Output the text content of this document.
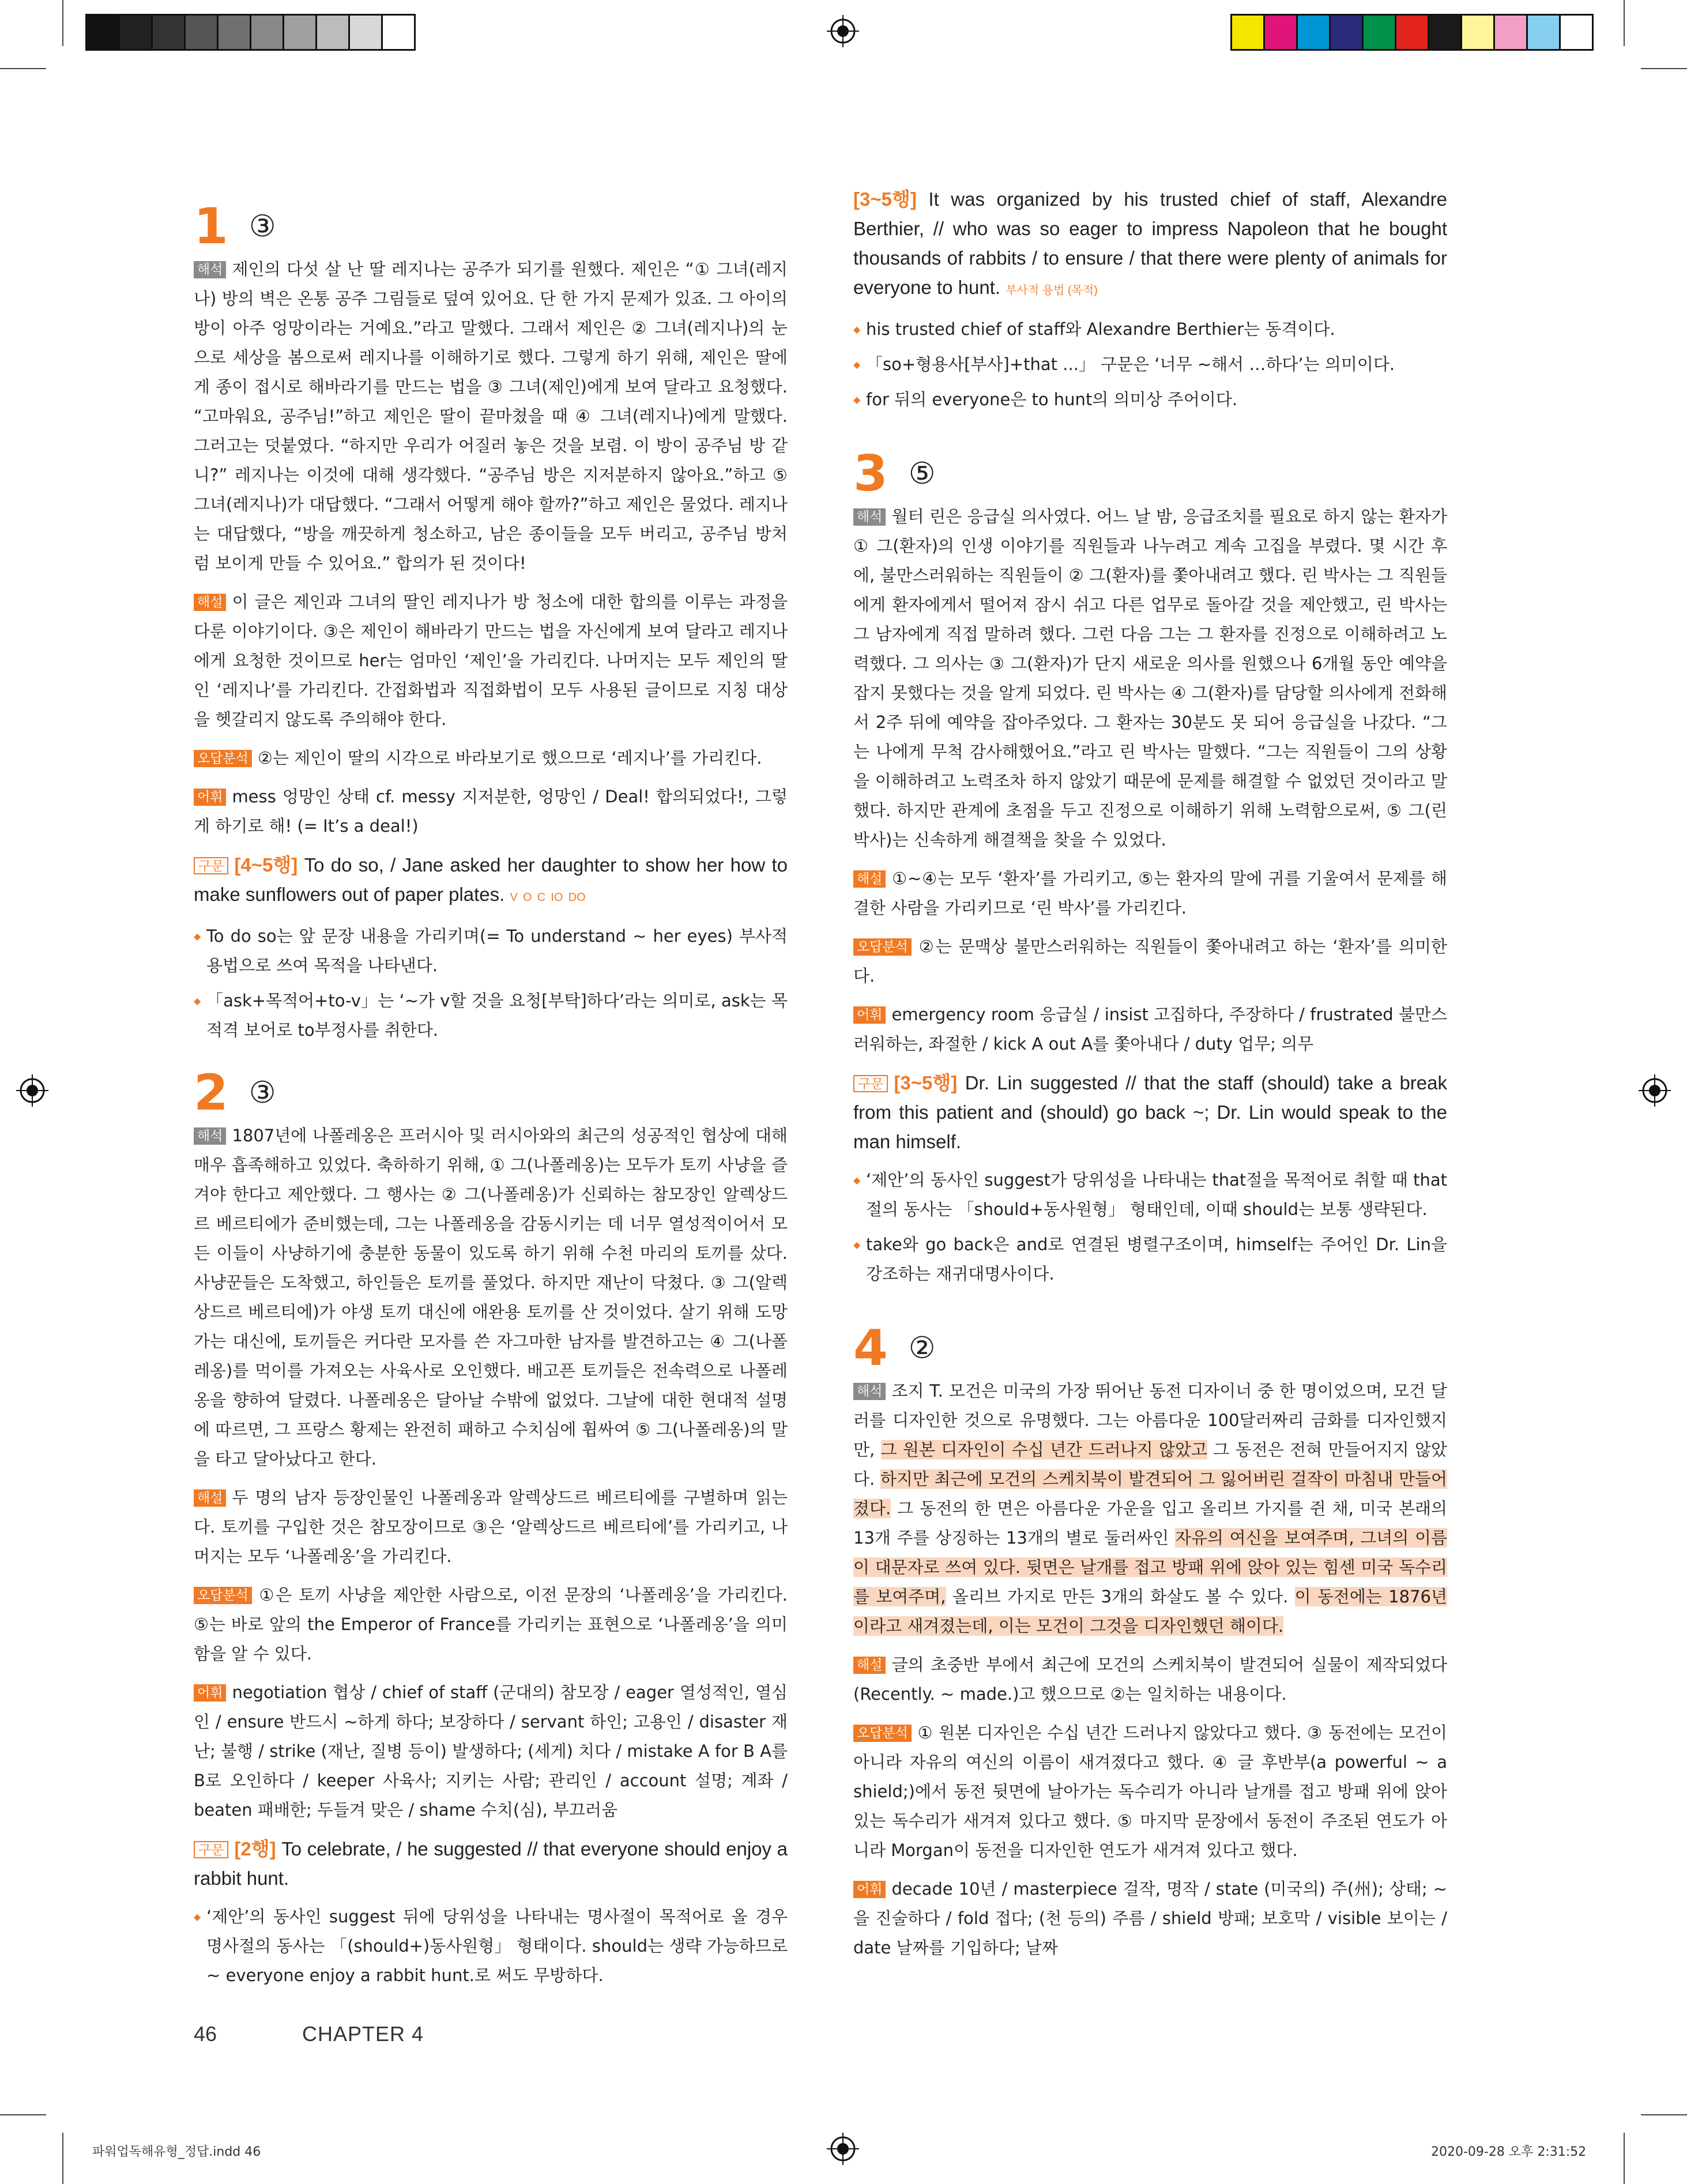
1 ③

해석 제인의 다섯 살 난 딸 레지나는 공주가 되기를 원했다. 제인은 “① 그녀(레지나) 방의 벽은 온통 공주 그림들로 덮여 있어요. 단 한 가지 문제가 있죠. 그 아이의 방이 아주 엉망이라는 거예요.”라고 말했다. 그래서 제인은 ② 그녀(레지나)의 눈으로 세상을 봄으로써 레지나를 이해하기로 했다. 그렇게 하기 위해, 제인은 딸에게 종이 접시로 해바라기를 만드는 법을 ③ 그녀(제인)에게 보여 달라고 요청했다. “고마워요, 공주님!”하고 제인은 딸이 끝마쳤을 때 ④ 그녀(레지나)에게 말했다. 그러고는 덧붙였다. “하지만 우리가 어질러 놓은 것을 보렴. 이 방이 공주님 방 같니?” 레지나는 이것에 대해 생각했다. “공주님 방은 지저분하지 않아요.”하고 ⑤ 그녀(레지나)가 대답했다. “그래서 어떻게 해야 할까?”하고 제인은 물었다. 레지나는 대답했다, “방을 깨끗하게 청소하고, 남은 종이들을 모두 버리고, 공주님 방처럼 보이게 만들 수 있어요.” 합의가 된 것이다!

해설 이 글은 제인과 그녀의 딸인 레지나가 방 청소에 대한 합의를 이루는 과정을 다룬 이야기이다. ③은 제인이 해바라기 만드는 법을 자신에게 보여 달라고 레지나에게 요청한 것이므로 her는 엄마인 ‘제인’을 가리킨다. 나머지는 모두 제인의 딸인 ‘레지나’를 가리킨다. 간접화법과 직접화법이 모두 사용된 글이므로 지칭 대상을 헷갈리지 않도록 주의해야 한다.

오답분석 ②는 제인이 딸의 시각으로 바라보기로 했으므로 ‘레지나’를 가리킨다.

어휘 mess 엉망인 상태 cf. messy 지저분한, 엉망인 / Deal! 합의되었다!, 그렇게 하기로 해! (= It’s a deal!)

구문 [4~5행] To do so, / Jane asked her daughter to show her how to make sunflowers out of paper plates. V O C IO DO

◆ To do so는 앞 문장 내용을 가리키며(= To understand ~ her eyes) 부사적 용법으로 쓰여 목적을 나타낸다.
◆ 「ask+목적어+to-v」는 ‘~가 v할 것을 요청[부탁]하다’라는 의미로, ask는 목적격 보어로 to부정사를 취한다.
2 ③

해석 1807년에 나폴레옹은 프러시아 및 러시아와의 최근의 성공적인 협상에 대해 매우 흡족해하고 있었다. 축하하기 위해, ① 그(나폴레옹)는 모두가 토끼 사냥을 즐겨야 한다고 제안했다. 그 행사는 ② 그(나폴레옹)가 신뢰하는 참모장인 알렉상드르 베르티에가 준비했는데, 그는 나폴레옹을 감동시키는 데 너무 열성적이어서 모든 이들이 사냥하기에 충분한 동물이 있도록 하기 위해 수천 마리의 토끼를 샀다. 사냥꾼들은 도착했고, 하인들은 토끼를 풀었다. 하지만 재난이 닥쳤다. ③ 그(알렉상드르 베르티에)가 야생 토끼 대신에 애완용 토끼를 산 것이었다. 살기 위해 도망가는 대신에, 토끼들은 커다란 모자를 쓴 자그마한 남자를 발견하고는 ④ 그(나폴레옹)를 먹이를 가져오는 사육사로 오인했다. 배고픈 토끼들은 전속력으로 나폴레옹을 향하여 달렸다. 나폴레옹은 달아날 수밖에 없었다. 그날에 대한 현대적 설명에 따르면, 그 프랑스 황제는 완전히 패하고 수치심에 휩싸여 ⑤ 그(나폴레옹)의 말을 타고 달아났다고 한다.

해설 두 명의 남자 등장인물인 나폴레옹과 알렉상드르 베르티에를 구별하며 읽는다. 토끼를 구입한 것은 참모장이므로 ③은 ‘알렉상드르 베르티에’를 가리키고, 나머지는 모두 ‘나폴레옹’을 가리킨다.

오답분석 ①은 토끼 사냥을 제안한 사람으로, 이전 문장의 ‘나폴레옹’을 가리킨다. ⑤는 바로 앞의 the Emperor of France를 가리키는 표현으로 ‘나폴레옹’을 의미함을 알 수 있다.

어휘 negotiation 협상 / chief of staff (군대의) 참모장 / eager 열성적인, 열심인 / ensure 반드시 ~하게 하다; 보장하다 / servant 하인; 고용인 / disaster 재난; 불행 / strike (재난, 질병 등이) 발생하다; (세게) 치다 / mistake A for B A를 B로 오인하다 / keeper 사육사; 지키는 사람; 관리인 / account 설명; 계좌 / beaten 패배한; 두들겨 맞은 / shame 수치(심), 부끄러움

구문 [2행] To celebrate, / he suggested // that everyone should enjoy a rabbit hunt.

◆ ‘제안’의 동사인 suggest 뒤에 당위성을 나타내는 명사절이 목적어로 올 경우 명사절의 동사는 「(should+)동사원형」 형태이다. should는 생략 가능하므로 ~ everyone enjoy a rabbit hunt.로 써도 무방하다.

[3~5행] It was organized by his trusted chief of staff, Alexandre Berthier, // who was so eager to impress Napoleon that he bought thousands of rabbits / to ensure / that there were plenty of animals for everyone to hunt. 부사적 용법 (목적)

◆ his trusted chief of staff와 Alexandre Berthier는 동격이다.
◆ 「so+형용사[부사]+that ...」 구문은 ‘너무 ~해서 …하다’는 의미이다.
◆ for 뒤의 everyone은 to hunt의 의미상 주어이다.
3 ⑤

해석 월터 린은 응급실 의사였다. 어느 날 밤, 응급조치를 필요로 하지 않는 환자가 ① 그(환자)의 인생 이야기를 직원들과 나누려고 계속 고집을 부렸다. 몇 시간 후에, 불만스러워하는 직원들이 ② 그(환자)를 쫓아내려고 했다. 린 박사는 그 직원들에게 환자에게서 떨어져 잠시 쉬고 다른 업무로 돌아갈 것을 제안했고, 린 박사는 그 남자에게 직접 말하려 했다. 그런 다음 그는 그 환자를 진정으로 이해하려고 노력했다. 그 의사는 ③ 그(환자)가 단지 새로운 의사를 원했으나 6개월 동안 예약을 잡지 못했다는 것을 알게 되었다. 린 박사는 ④ 그(환자)를 담당할 의사에게 전화해서 2주 뒤에 예약을 잡아주었다. 그 환자는 30분도 못 되어 응급실을 나갔다. “그는 나에게 무척 감사해했어요.”라고 린 박사는 말했다. “그는 직원들이 그의 상황을 이해하려고 노력조차 하지 않았기 때문에 문제를 해결할 수 없었던 것이라고 말했다. 하지만 관계에 초점을 두고 진정으로 이해하기 위해 노력함으로써, ⑤ 그(린 박사)는 신속하게 해결책을 찾을 수 있었다.

해설 ①~④는 모두 ‘환자’를 가리키고, ⑤는 환자의 말에 귀를 기울여서 문제를 해결한 사람을 가리키므로 ‘린 박사’를 가리킨다.

오답분석 ②는 문맥상 불만스러워하는 직원들이 쫓아내려고 하는 ‘환자’를 의미한다.

어휘 emergency room 응급실 / insist 고집하다, 주장하다 / frustrated 불만스러워하는, 좌절한 / kick A out A를 쫓아내다 / duty 업무; 의무

구문 [3~5행] Dr. Lin suggested // that the staff (should) take a break from this patient and (should) go back ~; Dr. Lin would speak to the man himself.

◆ ‘제안’의 동사인 suggest가 당위성을 나타내는 that절을 목적어로 취할 때 that절의 동사는 「should+동사원형」 형태인데, 이때 should는 보통 생략된다.
◆ take와 go back은 and로 연결된 병렬구조이며, himself는 주어인 Dr. Lin을 강조하는 재귀대명사이다.
4 ②

해석 조지 T. 모건은 미국의 가장 뛰어난 동전 디자이너 중 한 명이었으며, 모건 달러를 디자인한 것으로 유명했다. 그는 아름다운 100달러짜리 금화를 디자인했지만, 그 원본 디자인이 수십 년간 드러나지 않았고 그 동전은 전혀 만들어지지 않았다. 하지만 최근에 모건의 스케치북이 발견되어 그 잃어버린 걸작이 마침내 만들어졌다. 그 동전의 한 면은 아름다운 가운을 입고 올리브 가지를 쥔 채, 미국 본래의 13개 주를 상징하는 13개의 별로 둘러싸인 자유의 여신을 보여주며, 그녀의 이름이 대문자로 쓰여 있다. 뒷면은 날개를 접고 방패 위에 앉아 있는 힘센 미국 독수리를 보여주며, 올리브 가지로 만든 3개의 화살도 볼 수 있다. 이 동전에는 1876년이라고 새겨졌는데, 이는 모건이 그것을 디자인했던 해이다.

해설 글의 초중반 부에서 최근에 모건의 스케치북이 발견되어 실물이 제작되었다 (Recently. ~ made.)고 했으므로 ②는 일치하는 내용이다.

오답분석 ① 원본 디자인은 수십 년간 드러나지 않았다고 했다. ③ 동전에는 모건이 아니라 자유의 여신의 이름이 새겨졌다고 했다. ④ 글 후반부(a powerful ~ a shield;)에서 동전 뒷면에 날아가는 독수리가 아니라 날개를 접고 방패 위에 앉아 있는 독수리가 새겨져 있다고 했다. ⑤ 마지막 문장에서 동전이 주조된 연도가 아니라 Morgan이 동전을 디자인한 연도가 새겨져 있다고 했다.

어휘 decade 10년 / masterpiece 걸작, 명작 / state (미국의) 주(州); 상태; ~을 진술하다 / fold 접다; (천 등의) 주름 / shield 방패; 보호막 / visible 보이는 / date 날짜를 기입하다; 날짜

46	CHAPTER 4
파워업독해유형_정답.indd 46	2020-09-28 오후 2:31:52
